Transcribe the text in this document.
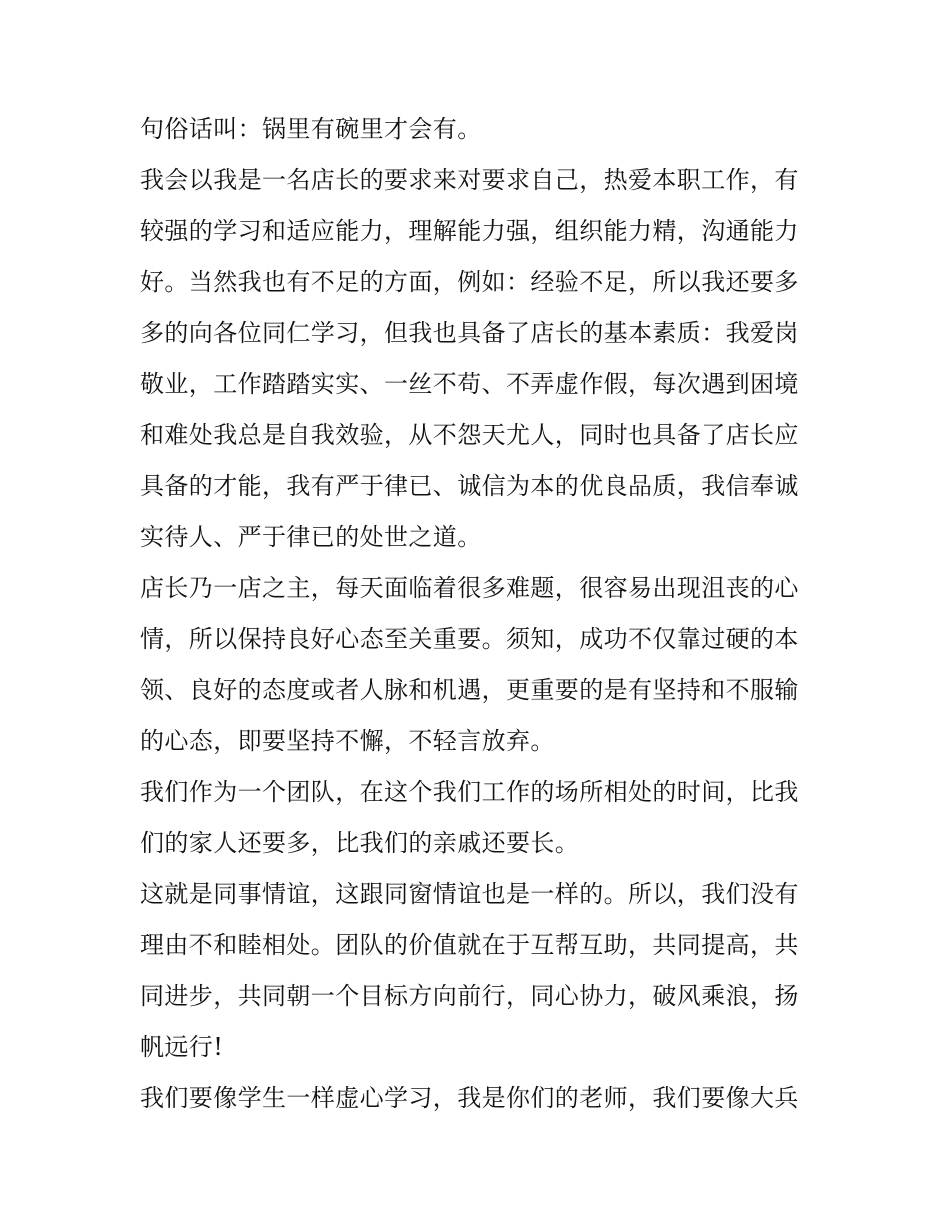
句俗话叫：锅里有碗里才会有。

我会以我是一名店长的要求来对要求自己，热爱本职工作，有
较强的学习和适应能力，理解能力强，组织能力精，沟通能力
好。当然我也有不足的方面，例如：经验不足，所以我还要多
多的向各位同仁学习，但我也具备了店长的基本素质：我爱岗
敬业，工作踏踏实实、一丝不苟、不弄虚作假，每次遇到困境
和难处我总是自我效验，从不怨天尤人，同时也具备了店长应
具备的才能，我有严于律已、诚信为本的优良品质，我信奉诚
实待人、严于律已的处世之道。

店长乃一店之主，每天面临着很多难题，很容易出现沮丧的心
情，所以保持良好心态至关重要。须知，成功不仅靠过硬的本
领、良好的态度或者人脉和机遇，更重要的是有坚持和不服输
的心态，即要坚持不懈，不轻言放弃。

我们作为一个团队，在这个我们工作的场所相处的时间，比我
们的家人还要多，比我们的亲戚还要长。

这就是同事情谊，这跟同窗情谊也是一样的。所以，我们没有
理由不和睦相处。团队的价值就在于互帮互助，共同提高，共
同进步，共同朝一个目标方向前行，同心协力，破风乘浪，扬
帆远行!

我们要像学生一样虚心学习，我是你们的老师，我们要像大兵
